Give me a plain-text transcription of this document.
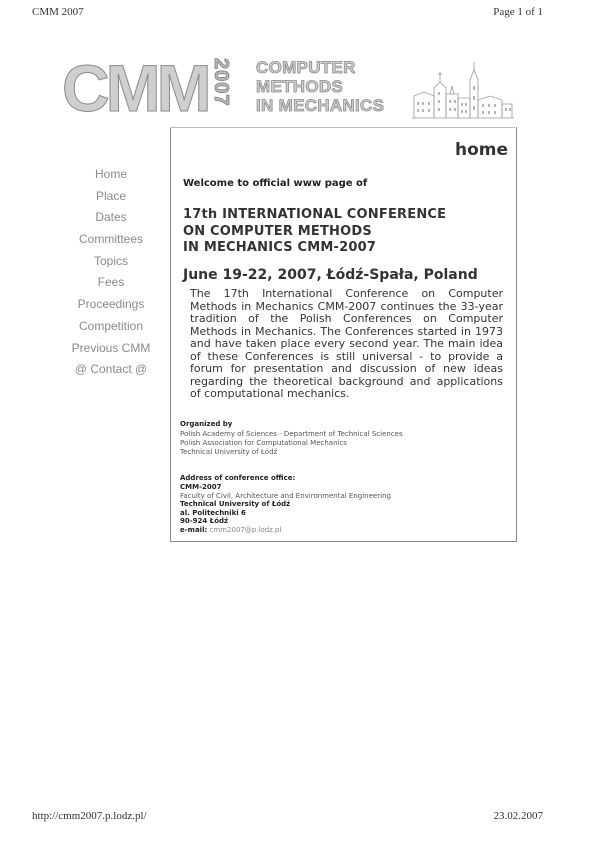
CMM 2007	Page 1 of 1
CMM 2007 COMPUTER
METHODS
IN MECHANICS
Home
Place
Dates
Committees
Topics
Fees
Proceedings
Competition
Previous CMM
@ Contact @
home
Welcome to official www page of
17th INTERNATIONAL CONFERENCE
ON COMPUTER METHODS
IN MECHANICS CMM-2007
June 19-22, 2007, Łódź-Spała, Poland
The 17th International Conference on Computer Methods in Mechanics CMM-2007 continues the 33-year tradition of the Polish Conferences on Computer Methods in Mechanics. The Conferences started in 1973 and have taken place every second year. The main idea of these Conferences is still universal - to provide a forum for presentation and discussion of new ideas regarding the theoretical background and applications of computational mechanics.
Organized by
Polish Academy of Sciences - Department of Technical Sciences
Polish Association for Computational Mechanics
Technical University of Łódź
Address of conference office:
CMM-2007
Faculty of Civil, Architecture and Environmental Engineering
Technical University of Łódź
al. Politechniki 6
90-924 Łódź
e-mail: cmm2007@p.lodz.pl
http://cmm2007.p.lodz.pl/	23.02.2007
